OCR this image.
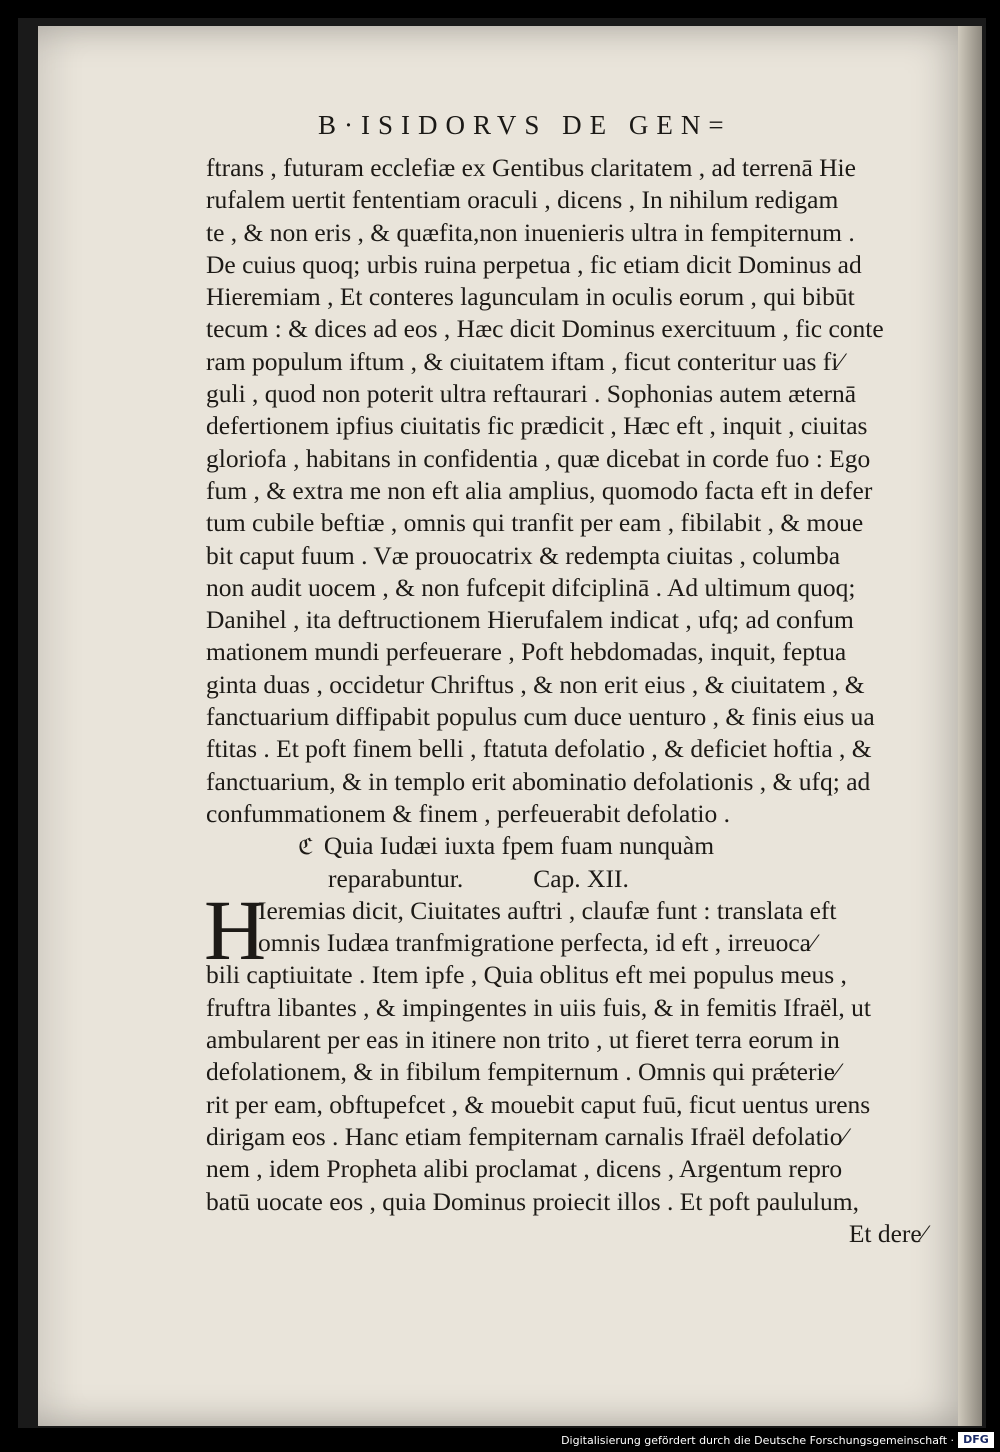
B·ISIDORVS DE GEN=
ftrans , futuram ecclefiæ ex Gentibus claritatem , ad terrenā Hie
rufalem uertit fententiam oraculi , dicens , In nihilum redigam
te , & non eris , & quæfita,non inuenieris ultra in fempiternum .
De cuius quoq; urbis ruina perpetua , fic etiam dicit Dominus ad
Hieremiam , Et conteres lagunculam in oculis eorum , qui bibūt
tecum : & dices ad eos , Hæc dicit Dominus exercituum , fic conte
ram populum iftum , & ciuitatem iftam , ficut conteritur uas fi⁄
guli , quod non poterit ultra reftaurari . Sophonias autem æternā
defertionem ipfius ciuitatis fic prædicit , Hæc eft , inquit , ciuitas
gloriofa , habitans in confidentia , quæ dicebat in corde fuo : Ego
fum , & extra me non eft alia amplius, quomodo facta eft in defer
tum cubile beftiæ , omnis qui tranfit per eam , fibilabit , & moue
bit caput fuum . Væ prouocatrix & redempta ciuitas , columba
non audit uocem , & non fufcepit difciplinā . Ad ultimum quoq;
Danihel , ita deftructionem Hierufalem indicat , ufq; ad confum
mationem mundi perfeuerare , Poft hebdomadas, inquit, feptua
ginta duas , occidetur Chriftus , & non erit eius , & ciuitatem , &
fanctuarium diffipabit populus cum duce uenturo , & finis eius ua
ftitas . Et poft finem belli , ftatuta defolatio , & deficiet hoftia , &
fanctuarium, & in templo erit abominatio defolationis , & ufq; ad
confummationem & finem , perfeuerabit defolatio .
ℭ Quia Iudæi iuxta fpem fuam nunquàm
reparabuntur.	Cap. XII.
H
Ieremias dicit, Ciuitates auftri , claufæ funt : translata eft
omnis Iudæa tranfmigratione perfecta, id eft , irreuoca⁄
bili captiuitate . Item ipfe , Quia oblitus eft mei populus meus ,
fruftra libantes , & impingentes in uiis fuis, & in femitis Ifraël, ut
ambularent per eas in itinere non trito , ut fieret terra eorum in
defolationem, & in fibilum fempiternum . Omnis qui prǽterie⁄
rit per eam, obftupefcet , & mouebit caput fuū, ficut uentus urens
dirigam eos . Hanc etiam fempiternam carnalis Ifraël defolatio⁄
nem , idem Propheta alibi proclamat , dicens , Argentum repro
batū uocate eos , quia Dominus proiecit illos . Et poft paululum,
Et dere⁄
Digitalisierung gefördert durch die Deutsche Forschungsgemeinschaft · DFG
